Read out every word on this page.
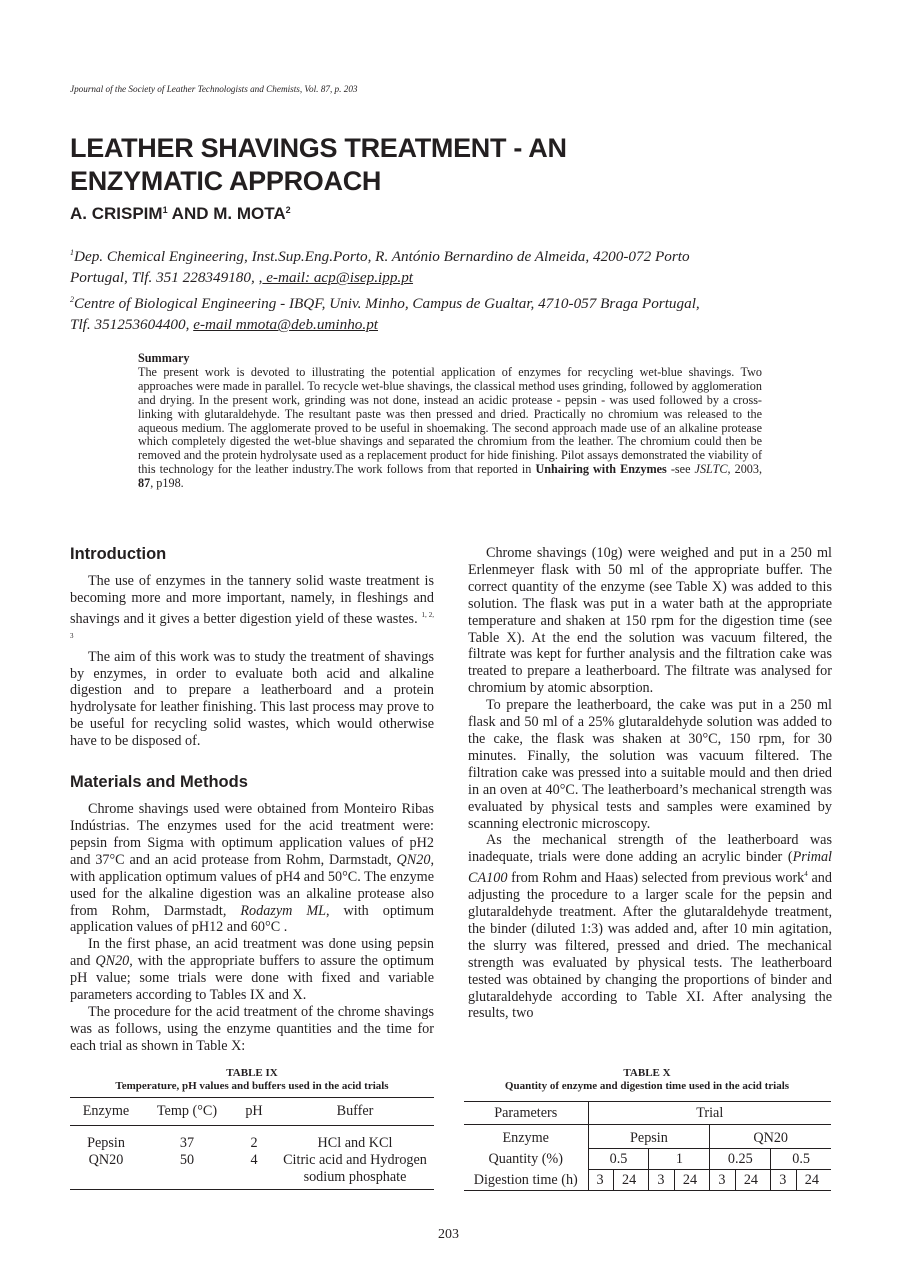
Jpournal of the Society of Leather Technologists and Chemists, Vol. 87, p. 203
LEATHER SHAVINGS TREATMENT - AN
ENZYMATIC APPROACH
A. CRISPIM$^1$ AND M. MOTA$^2$
$^1$Dep. Chemical Engineering, Inst.Sup.Eng.Porto, R. António Bernardino de Almeida, 4200-072 Porto
Portugal, Tlf. 351 228349180, , e-mail: acp@isep.ipp.pt
$^2$Centre of Biological Engineering - IBQF, Univ. Minho, Campus de Gualtar, 4710-057 Braga Portugal,
Tlf. 351253604400, e-mail mmota@deb.uminho.pt
Summary
The present work is devoted to illustrating the potential application of enzymes for recycling wet-blue shavings. Two approaches were made in parallel. To recycle wet-blue shavings, the classical method uses grinding, followed by agglomeration and drying. In the present work, grinding was not done, instead an acidic protease - pepsin - was used followed by a cross-linking with glutaraldehyde. The resultant paste was then pressed and dried. Practically no chromium was released to the aqueous medium. The agglomerate proved to be useful in shoemaking. The second approach made use of an alkaline protease which completely digested the wet-blue shavings and separated the chromium from the leather. The chromium could then be removed and the protein hydrolysate used as a replacement product for hide finishing. Pilot assays demonstrated the viability of this technology for the leather industry.The work follows from that reported in Unhairing with Enzymes -see JSLTC, 2003, 87, p198.
Introduction

The use of enzymes in the tannery solid waste treatment is becoming more and more important, namely, in fleshings and shavings and it gives a better digestion yield of these wastes. $^{1, 2, 3}$

The aim of this work was to study the treatment of shavings by enzymes, in order to evaluate both acid and alkaline digestion and to prepare a leatherboard and a protein hydrolysate for leather finishing. This last process may prove to be useful for recycling solid wastes, which would otherwise have to be disposed of.

Materials and Methods

Chrome shavings used were obtained from Monteiro Ribas Indústrias. The enzymes used for the acid treatment were: pepsin from Sigma with optimum application values of pH2 and 37°C and an acid protease from Rohm, Darmstadt, QN20, with application optimum values of pH4 and 50°C. The enzyme used for the alkaline digestion was an alkaline protease also from Rohm, Darmstadt, Rodazym ML, with optimum application values of pH12 and 60°C .

In the first phase, an acid treatment was done using pepsin and QN20, with the appropriate buffers to assure the optimum pH value; some trials were done with fixed and variable parameters according to Tables IX and X.

The procedure for the acid treatment of the chrome shavings was as follows, using the enzyme quantities and the time for each trial as shown in Table X:

Chrome shavings (10g) were weighed and put in a 250 ml Erlenmeyer flask with 50 ml of the appropriate buffer. The correct quantity of the enzyme (see Table X) was added to this solution. The flask was put in a water bath at the appropriate temperature and shaken at 150 rpm for the digestion time (see Table X). At the end the solution was vacuum filtered, the filtrate was kept for further analysis and the filtration cake was treated to prepare a leatherboard. The filtrate was analysed for chromium by atomic absorption.

To prepare the leatherboard, the cake was put in a 250 ml flask and 50 ml of a 25% glutaraldehyde solution was added to the cake, the flask was shaken at 30°C, 150 rpm, for 30 minutes. Finally, the solution was vacuum filtered. The filtration cake was pressed into a suitable mould and then dried in an oven at 40°C. The leatherboard’s mechanical strength was evaluated by physical tests and samples were examined by scanning electronic microscopy.

As the mechanical strength of the leatherboard was inadequate, trials were done adding an acrylic binder (Primal CA100 from Rohm and Haas) selected from previous work$^4$ and adjusting the procedure to a larger scale for the pepsin and glutaraldehyde treatment. After the glutaraldehyde treatment, the binder (diluted 1:3) was added and, after 10 min agitation, the slurry was filtered, pressed and dried. The mechanical strength was evaluated by physical tests. The leatherboard tested was obtained by changing the proportions of binder and glutaraldehyde according to Table XI. After analysing the results, two

TABLE IX
Temperature, pH values and buffers used in the acid trials
Enzyme	Temp (°C)	pH	Buffer
Pepsin	37	2	HCl and KCl
QN20	50	4	Citric acid and Hydrogen
sodium phosphate
TABLE X
Quantity of enzyme and digestion time used in the acid trials
Parameters	Trial							
Enzyme	Pepsin				QN20			
Quantity (%)	0.5		1		0.25		0.5	
Digestion time (h)	3	24	3	24	3	24	3	24
203
